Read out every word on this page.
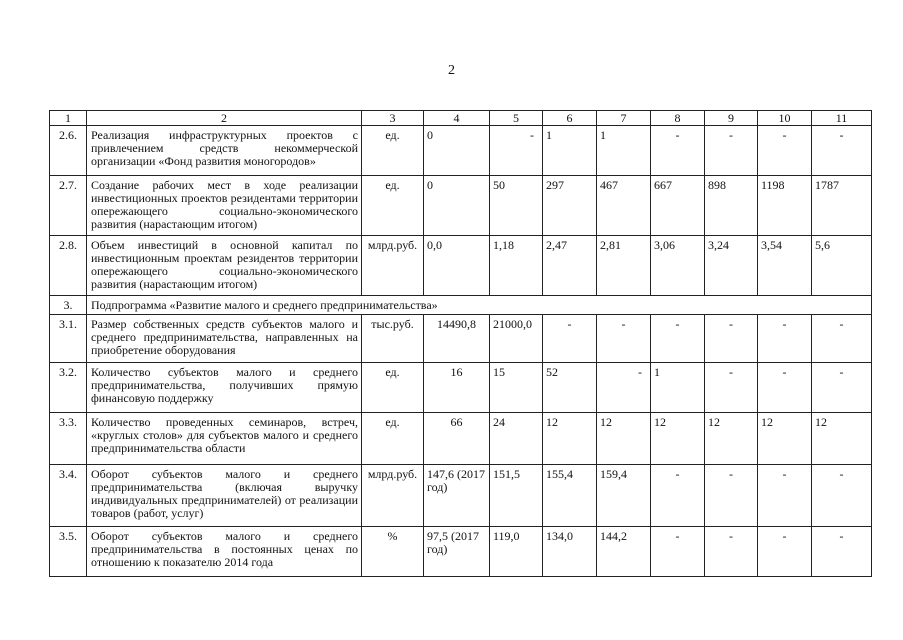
2
1	2	3	4	5	6	7	8	9	10	11
2.6.	Реализация инфраструктурных проектов с привлечением средств некоммерческой организации «Фонд развития моногородов»	ед.	0	-	1	1	-	-	-	-
2.7.	Создание рабочих мест в ходе реализации инвестиционных проектов резидентами территории опережающего социально-экономического развития (нарастающим итогом)	ед.	0	50	297	467	667	898	1198	1787
2.8.	Объем инвестиций в основной капитал по инвестиционным проектам резидентов территории опережающего социально-экономического развития (нарастающим итогом)	млрд.руб.	0,0	1,18	2,47	2,81	3,06	3,24	3,54	5,6
3.	Подпрограмма «Развитие малого и среднего предпринимательства»									
3.1.	Размер собственных средств субъектов малого и среднего предпринимательства, направленных на приобретение оборудования	тыс.руб.	14490,8	21000,0	-	-	-	-	-	-
3.2.	Количество субъектов малого и среднего предпринимательства, получивших прямую финансовую поддержку	ед.	16	15	52	-	1	-	-	-
3.3.	Количество проведенных семинаров, встреч, «круглых столов» для субъектов малого и среднего предпринимательства области	ед.	66	24	12	12	12	12	12	12
3.4.	Оборот субъектов малого и среднего предпринимательства (включая выручку индивидуальных предпринимателей) от реализации товаров (работ, услуг)	млрд.руб.	147,6 (2017 год)	151,5	155,4	159,4	-	-	-	-
3.5.	Оборот субъектов малого и среднего предпринимательства в постоянных ценах по отношению к показателю 2014 года	%	97,5 (2017 год)	119,0	134,0	144,2	-	-	-	-
